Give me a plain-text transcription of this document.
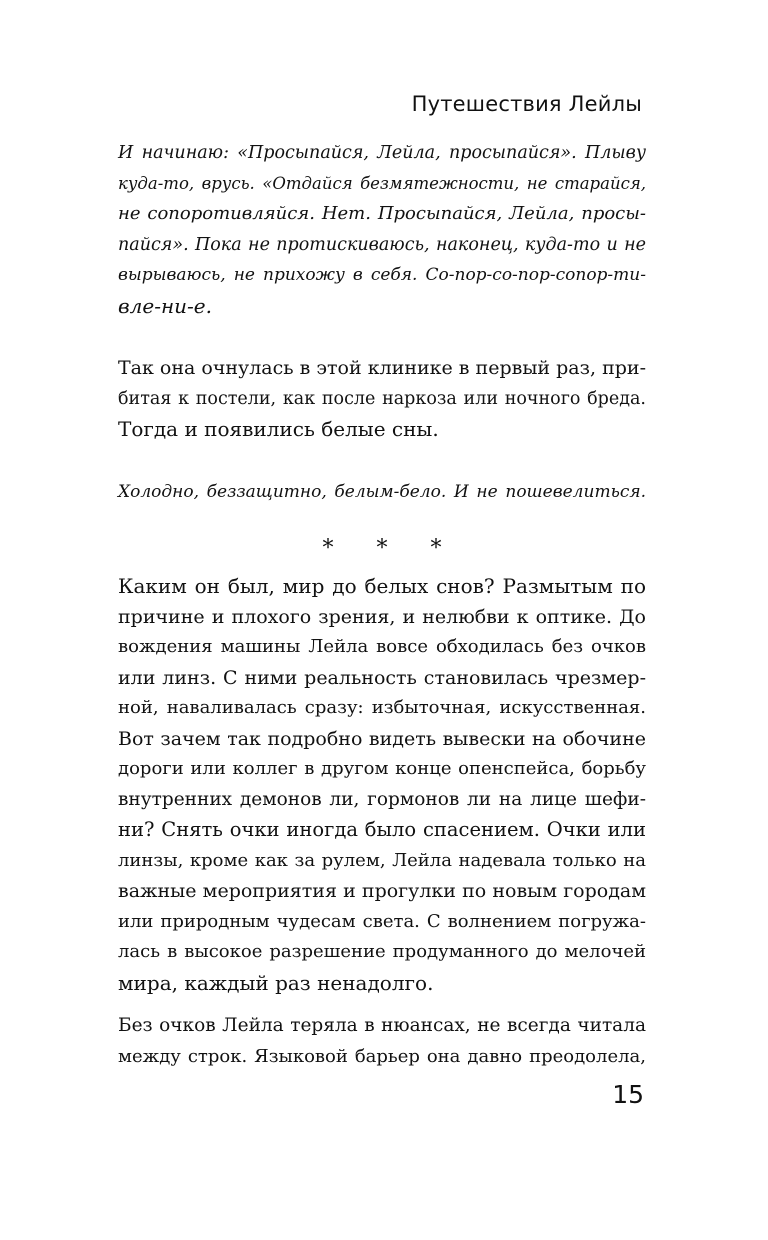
Путешествия Лейлы
И начинаю: «Просыпайся, Лейла, просыпайся». Плыву
куда-то, врусь. «Отдайся безмятежности, не старайся,
не сопоротивляйся. Нет. Просыпайся, Лейла, просы-
пайся». Пока не протискиваюсь, наконец, куда-то и не
вырываюсь, не прихожу в себя. Со-пор-со-пор-сопор-ти-
вле-ни-е.
Так она очнулась в этой клинике в первый раз, при-
битая к постели, как после наркоза или ночного бреда.
Тогда и появились белые сны.
Холодно, беззащитно, белым-бело. И не пошевелиться.
* * *
Каким он был, мир до белых снов? Размытым по
причине и плохого зрения, и нелюбви к оптике. До
вождения машины Лейла вовсе обходилась без очков
или линз. С ними реальность становилась чрезмер-
ной, наваливалась сразу: избыточная, искусственная.
Вот зачем так подробно видеть вывески на обочине
дороги или коллег в другом конце опенспейса, борьбу
внутренних демонов ли, гормонов ли на лице шефи-
ни? Снять очки иногда было спасением. Очки или
линзы, кроме как за рулем, Лейла надевала только на
важные мероприятия и прогулки по новым городам
или природным чудесам света. С волнением погружа-
лась в высокое разрешение продуманного до мелочей
мира, каждый раз ненадолго.
Без очков Лейла теряла в нюансах, не всегда читала
между строк. Языковой барьер она давно преодолела,
15
